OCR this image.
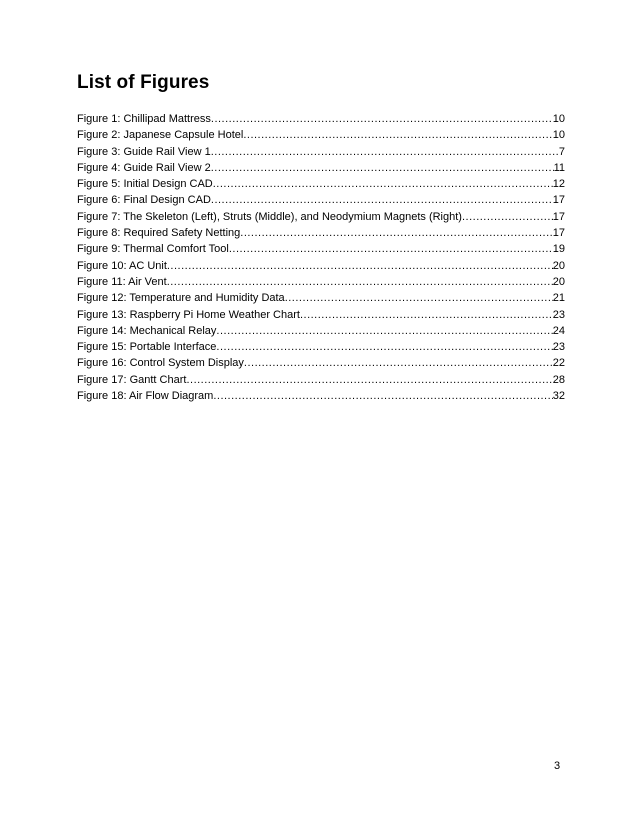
List of Figures
Figure 1: Chillipad Mattress .....	10
Figure 2: Japanese Capsule Hotel .....	10
Figure 3: Guide Rail View 1 .....	7
Figure 4: Guide Rail View 2 .....	11
Figure 5: Initial Design CAD .....	12
Figure 6: Final Design CAD .....	17
Figure 7: The Skeleton (Left), Struts (Middle), and Neodymium Magnets (Right) .....	17
Figure 8: Required Safety Netting .....	17
Figure 9: Thermal Comfort Tool .....	19
Figure 10: AC Unit .....	20
Figure 11: Air Vent .....	20
Figure 12: Temperature and Humidity Data .....	21
Figure 13: Raspberry Pi Home Weather Chart .....	23
Figure 14: Mechanical Relay .....	24
Figure 15: Portable Interface .....	23
Figure 16: Control System Display .....	22
Figure 17: Gantt Chart .....	28
Figure 18: Air Flow Diagram .....	32
3
